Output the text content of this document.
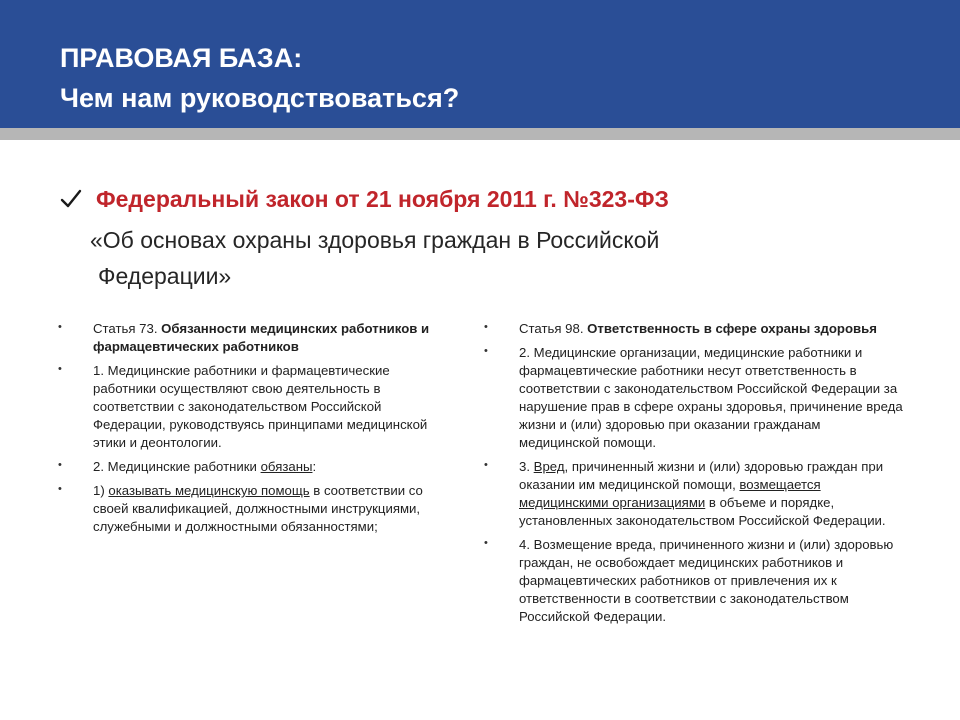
ПРАВОВАЯ БАЗА:
Чем нам руководствоваться?
Федеральный закон от 21 ноября 2011 г. №323-ФЗ
«Об основах охраны здоровья граждан в Российской
Федерации»
• Статья 73. Обязанности медицинских работников и фармацевтических работников
• 1. Медицинские работники и фармацевтические работники осуществляют свою деятельность в соответствии с законодательством Российской Федерации, руководствуясь принципами медицинской этики и деонтологии.
• 2. Медицинские работники обязаны:
• 1) оказывать медицинскую помощь в соответствии со своей квалификацией, должностными инструкциями, служебными и должностными обязанностями;
• Статья 98. Ответственность в сфере охраны здоровья
• 2. Медицинские организации, медицинские работники и фармацевтические работники несут ответственность в соответствии с законодательством Российской Федерации за нарушение прав в сфере охраны здоровья, причинение вреда жизни и (или) здоровью при оказании гражданам медицинской помощи.
• 3. Вред, причиненный жизни и (или) здоровью граждан при оказании им медицинской помощи, возмещается медицинскими организациями в объеме и порядке, установленных законодательством Российской Федерации.
• 4. Возмещение вреда, причиненного жизни и (или) здоровью граждан, не освобождает медицинских работников и фармацевтических работников от привлечения их к ответственности в соответствии с законодательством Российской Федерации.
